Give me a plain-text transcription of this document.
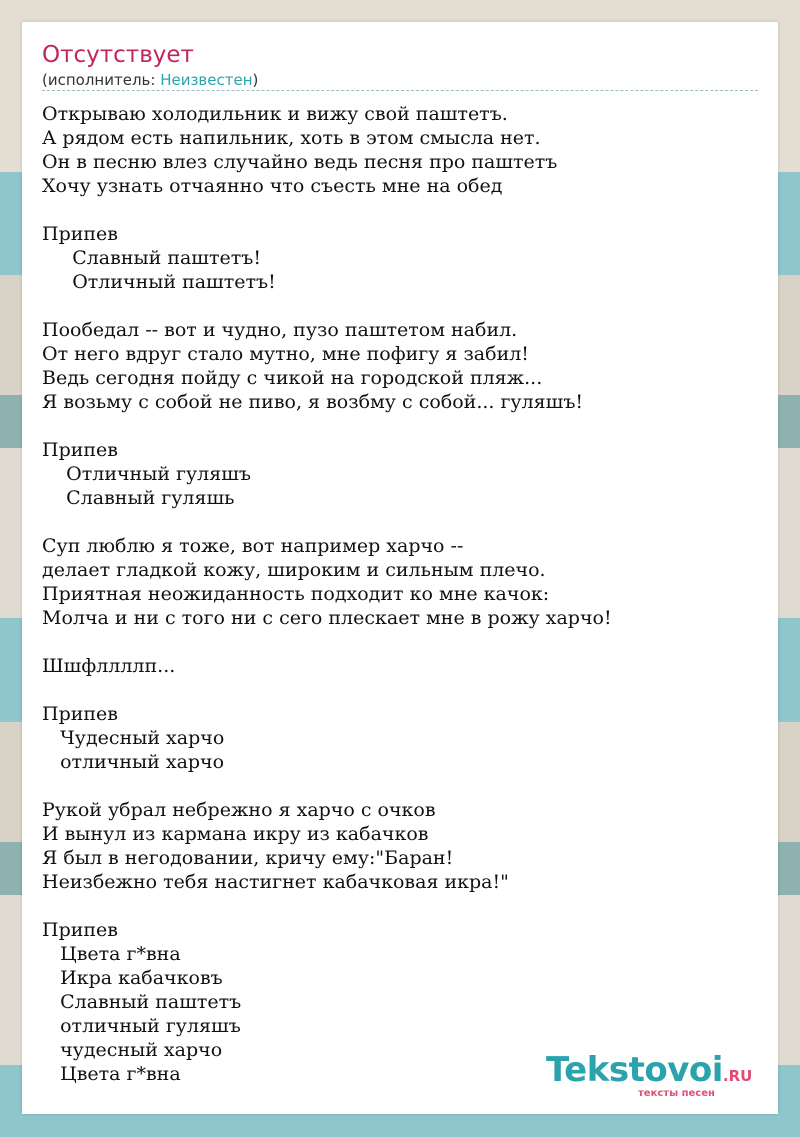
Отсутствует
(исполнитель: Неизвестен)
Открываю холодильник и вижу свой паштетъ.
А рядом есть напильник, хоть в этом смысла нет.
Он в песню влез случайно ведь песня про паштетъ
Хочу узнать отчаянно что съесть мне на обед

Припев
Славный паштетъ!
Отличный паштетъ!

Пообедал -- вот и чудно, пузо паштетом набил.
От него вдруг стало мутно, мне пофигу я забил!
Ведь сегодня пойду с чикой на городской пляж...
Я возьму с собой не пиво, я возбму с собой... гуляшъ!

Припев
Отличный гуляшъ
Славный гуляшь

Суп люблю я тоже, вот например харчо --
делает гладкой кожу, широким и сильным плечо.
Приятная неожиданность подходит ко мне качок:
Молча и ни с того ни с сего плескает мне в рожу харчо!

Шшфллллп...

Припев
Чудесный харчо
отличный харчо

Рукой убрал небрежно я харчо с очков
И вынул из кармана икру из кабачков
Я был в негодовании, кричу ему:"Баран!
Неизбежно тебя настигнет кабачковая икра!"

Припев
Цвета г*вна
Икра кабачковъ
Славный паштетъ
отличный гуляшъ
чудесный харчо
Цвета г*вна	Tekstovoi.RU
тексты песен
